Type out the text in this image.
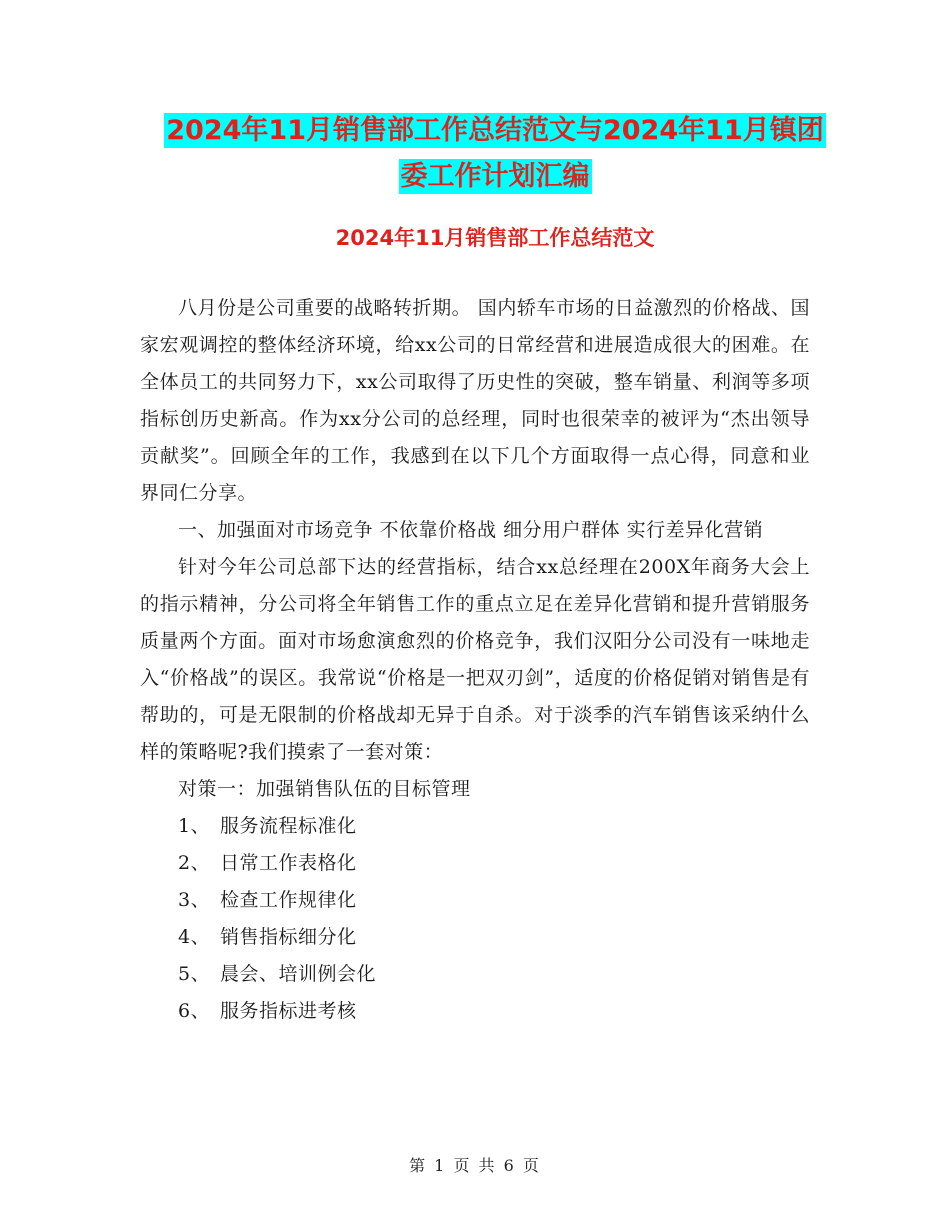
2024年11月销售部工作总结范文与2024年11月镇团
委工作计划汇编
2024年11月销售部工作总结范文

八月份是公司重要的战略转折期。 国内轿车市场的日益激烈的价格战、国家宏观调控的整体经济环境，给xx公司的日常经营和进展造成很大的困难。在全体员工的共同努力下，xx公司取得了历史性的突破，整车销量、利润等多项指标创历史新高。作为xx分公司的总经理，同时也很荣幸的被评为“杰出领导贡献奖”。回顾全年的工作，我感到在以下几个方面取得一点心得，同意和业界同仁分享。

一、加强面对市场竞争 不依靠价格战 细分用户群体 实行差异化营销

针对今年公司总部下达的经营指标，结合xx总经理在200X年商务大会上的指示精神，分公司将全年销售工作的重点立足在差异化营销和提升营销服务质量两个方面。面对市场愈演愈烈的价格竞争，我们汉阳分公司没有一味地走入“价格战”的误区。我常说“价格是一把双刃剑”，适度的价格促销对销售是有帮助的，可是无限制的价格战却无异于自杀。对于淡季的汽车销售该采纳什么样的策略呢?我们摸索了一套对策：

对策一：加强销售队伍的目标管理

1、 服务流程标准化
2、 日常工作表格化
3、 检查工作规律化
4、 销售指标细分化
5、 晨会、培训例会化
6、 服务指标进考核
第 1 页 共 6 页
